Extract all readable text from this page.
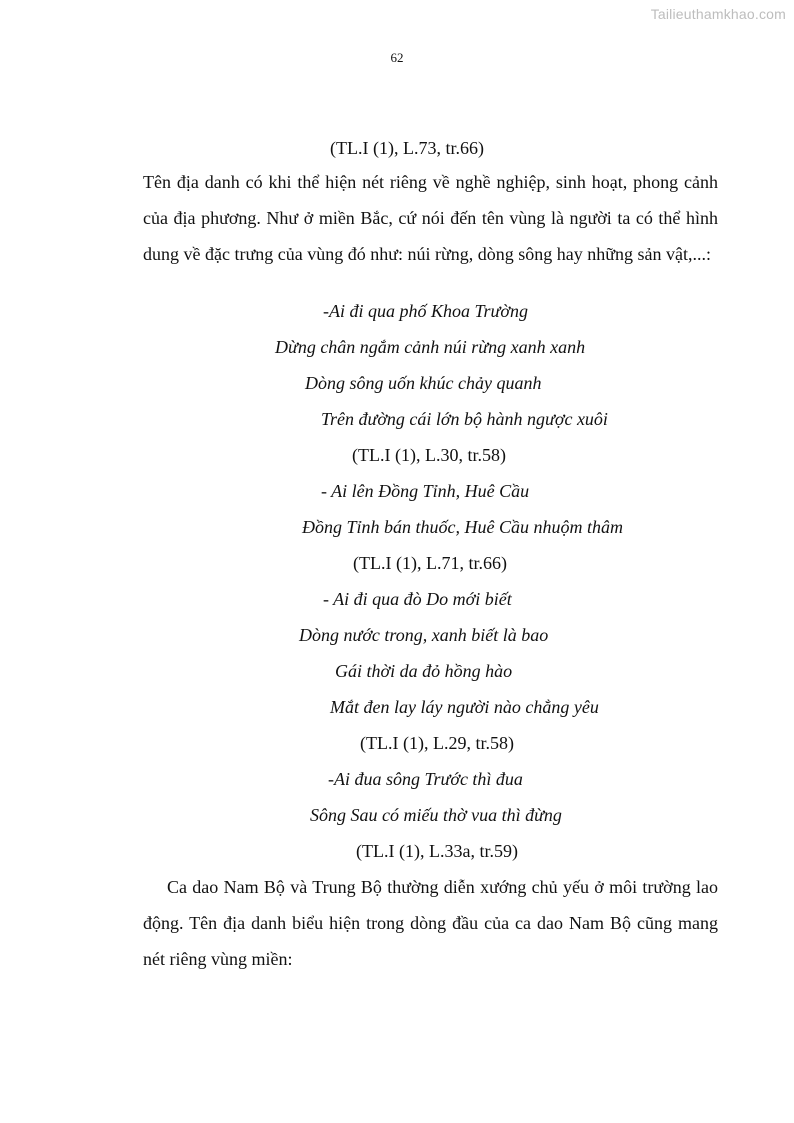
Tailieuthamkhao.com
62
(TL.I (1), L.73, tr.66)
Tên địa danh có khi thể hiện nét riêng về nghề nghiệp, sinh hoạt, phong cảnh của địa phương. Như ở miền Bắc, cứ nói đến tên vùng là người ta có thể hình dung về đặc trưng của vùng đó như: núi rừng, dòng sông hay những sản vật,...:
-Ai đi qua phố Khoa Trường
Dừng chân ngắm cảnh núi rừng xanh xanh
Dòng sông uốn khúc chảy quanh
Trên đường cái lớn bộ hành ngược xuôi
(TL.I (1), L.30, tr.58)
- Ai lên Đồng Tỉnh, Huê Cầu
Đồng Tỉnh bán thuốc, Huê Cầu nhuộm thâm
(TL.I (1), L.71, tr.66)
- Ai đi qua đò Do mới biết
Dòng nước trong, xanh biết là bao
Gái thời da đỏ hồng hào
Mắt đen lay láy người nào chẳng yêu
(TL.I (1), L.29, tr.58)
-Ai đua sông Trước thì đua
Sông Sau có miếu thờ vua thì đừng
(TL.I (1), L.33a, tr.59)
Ca dao Nam Bộ và Trung Bộ thường diễn xướng chủ yếu ở môi trường lao động. Tên địa danh biểu hiện trong dòng đầu của ca dao Nam Bộ cũng mang nét riêng vùng miền:
